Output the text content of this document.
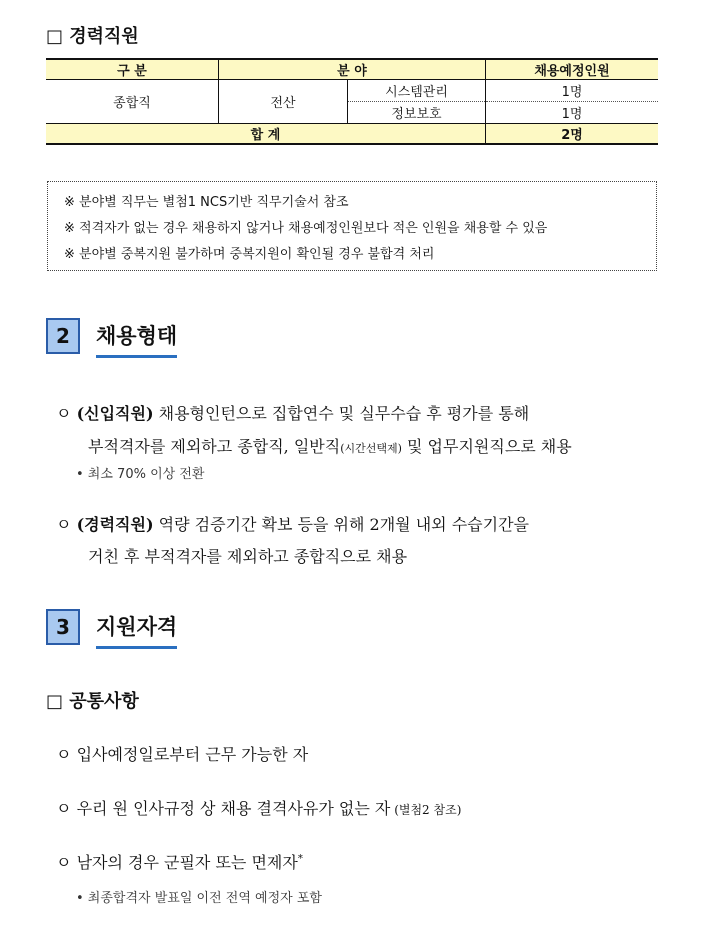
□ 경력직원
구 분	분 야		채용예정인원
종합직	전산	시스템관리	1명
		정보보호	1명
합 계			2명
※ 분야별 직무는 별첨1 NCS기반 직무기술서 참조
※ 적격자가 없는 경우 채용하지 않거나 채용예정인원보다 적은 인원을 채용할 수 있음
※ 분야별 중복지원 불가하며 중복지원이 확인될 경우 불합격 처리
2	채용형태
ㅇ (신입직원) 채용형인턴으로 집합연수 및 실무수습 후 평가를 통해
부적격자를 제외하고 종합직, 일반직(시간선택제) 및 업무지원직으로 채용
• 최소 70% 이상 전환
ㅇ (경력직원) 역량 검증기간 확보 등을 위해 2개월 내외 수습기간을
거친 후 부적격자를 제외하고 종합직으로 채용
3	지원자격
□ 공통사항
ㅇ 입사예정일로부터 근무 가능한 자
ㅇ 우리 원 인사규정 상 채용 결격사유가 없는 자 (별첨2 참조)
ㅇ 남자의 경우 군필자 또는 면제자*
• 최종합격자 발표일 이전 전역 예정자 포함
